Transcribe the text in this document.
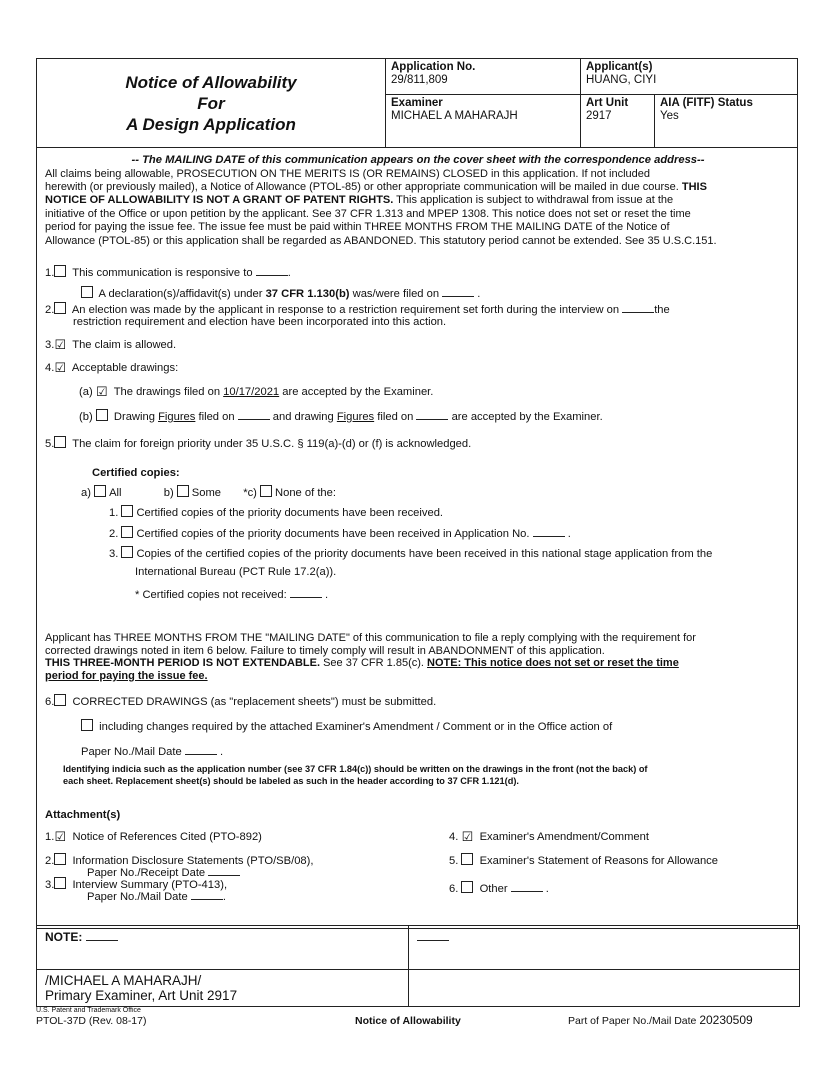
Notice of Allowability
For
A Design Application
Application No.
29/811,809
Applicant(s)
HUANG, CIYI
Examiner
MICHAEL A MAHARAJH
Art Unit
2917
AIA (FITF) Status
Yes
-- The MAILING DATE of this communication appears on the cover sheet with the correspondence address--
All claims being allowable, PROSECUTION ON THE MERITS IS (OR REMAINS) CLOSED in this application. If not included
herewith (or previously mailed), a Notice of Allowance (PTOL-85) or other appropriate communication will be mailed in due course. THIS
NOTICE OF ALLOWABILITY IS NOT A GRANT OF PATENT RIGHTS. This application is subject to withdrawal from issue at the
initiative of the Office or upon petition by the applicant. See 37 CFR 1.313 and MPEP 1308. This notice does not set or reset the time
period for paying the issue fee. The issue fee must be paid within THREE MONTHS FROM THE MAILING DATE of the Notice of
Allowance (PTOL-85) or this application shall be regarded as ABANDONED. This statutory period cannot be extended. See 35 U.S.C.151.
1. This communication is responsive to	.
A declaration(s)/affidavit(s) under 37 CFR 1.130(b) was/were filed on	.
2. An election was made by the applicant in response to a restriction requirement set forth during the interview on	the
restriction requirement and election have been incorporated into this action.
3.☑ The claim is allowed.
4.☑ Acceptable drawings:
(a) ☑ The drawings filed on 10/17/2021 are accepted by the Examiner.
(b) Drawing Figures filed on	and drawing Figures filed on	are accepted by the Examiner.
5. The claim for foreign priority under 35 U.S.C. § 119(a)-(d) or (f) is acknowledged.
Certified copies:
a) All	b) Some *c) None of the:
1. Certified copies of the priority documents have been received.
2. Certified copies of the priority documents have been received in Application No.	.
3. Copies of the certified copies of the priority documents have been received in this national stage application from the
International Bureau (PCT Rule 17.2(a)).
* Certified copies not received:	.
Applicant has THREE MONTHS FROM THE "MAILING DATE" of this communication to file a reply complying with the requirement for
corrected drawings noted in item 6 below. Failure to timely comply will result in ABANDONMENT of this application.
THIS THREE-MONTH PERIOD IS NOT EXTENDABLE. See 37 CFR 1.85(c). NOTE: This notice does not set or reset the time
period for paying the issue fee.
6. CORRECTED DRAWINGS (as "replacement sheets") must be submitted.
including changes required by the attached Examiner's Amendment / Comment or in the Office action of
Paper No./Mail Date	.
Identifying indicia such as the application number (see 37 CFR 1.84(c)) should be written on the drawings in the front (not the back) of
each sheet. Replacement sheet(s) should be labeled as such in the header according to 37 CFR 1.121(d).
Attachment(s)
1.☑ Notice of References Cited (PTO-892)
2. Information Disclosure Statements (PTO/SB/08),
Paper No./Receipt Date
3. Interview Summary (PTO-413),
Paper No./Mail Date	.
4. ☑ Examiner's Amendment/Comment
5. Examiner's Statement of Reasons for Allowance
6. Other	.
NOTE:
/MICHAEL A MAHARAJH/
Primary Examiner, Art Unit 2917
U.S. Patent and Trademark Office
PTOL-37D (Rev. 08-17)	Notice of Allowability	Part of Paper No./Mail Date 20230509
